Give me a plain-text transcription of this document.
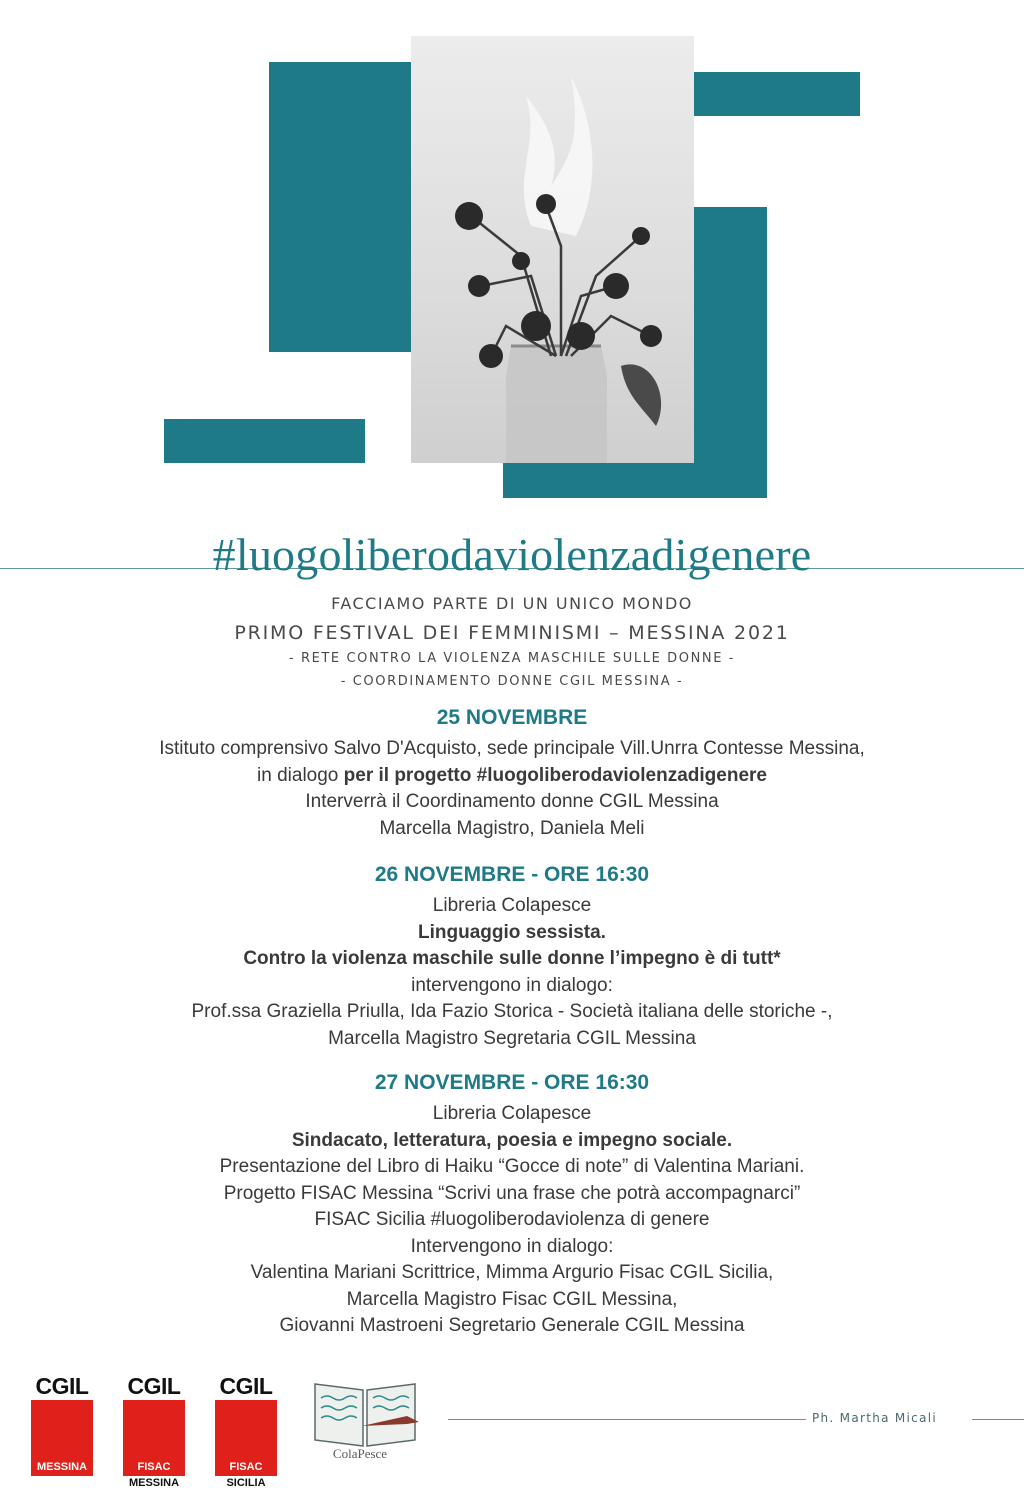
#luogoliberodaviolenzadigenere
FACCIAMO PARTE DI UN UNICO MONDO
PRIMO FESTIVAL DEI FEMMINISMI – MESSINA 2021
- RETE CONTRO LA VIOLENZA MASCHILE SULLE DONNE -
- COORDINAMENTO DONNE CGIL MESSINA -
25 NOVEMBRE
Istituto comprensivo Salvo D'Acquisto, sede principale Vill.Unrra Contesse Messina,
in dialogo per il progetto #luogoliberodaviolenzadigenere
Interverrà il Coordinamento donne CGIL Messina
Marcella Magistro, Daniela Meli
26 NOVEMBRE - ORE 16:30
Libreria Colapesce
Linguaggio sessista.
Contro la violenza maschile sulle donne l’impegno è di tutt*
intervengono in dialogo:
Prof.ssa Graziella Priulla, Ida Fazio Storica - Società italiana delle storiche -,
Marcella Magistro Segretaria CGIL Messina
27 NOVEMBRE - ORE 16:30
Libreria Colapesce
Sindacato, letteratura, poesia e impegno sociale.
Presentazione del Libro di Haiku “Gocce di note” di Valentina Mariani.
Progetto FISAC Messina “Scrivi una frase che potrà accompagnarci”
FISAC Sicilia #luogoliberodaviolenza di genere
Intervengono in dialogo:
Valentina Mariani Scrittrice, Mimma Argurio Fisac CGIL Sicilia,
Marcella Magistro Fisac CGIL Messina,
Giovanni Mastroeni Segretario Generale CGIL Messina
CGIL
MESSINA
CGIL
FISAC
MESSINA
CGIL
FISAC
SICILIA
ColaPesce
Ph. Martha Micali
